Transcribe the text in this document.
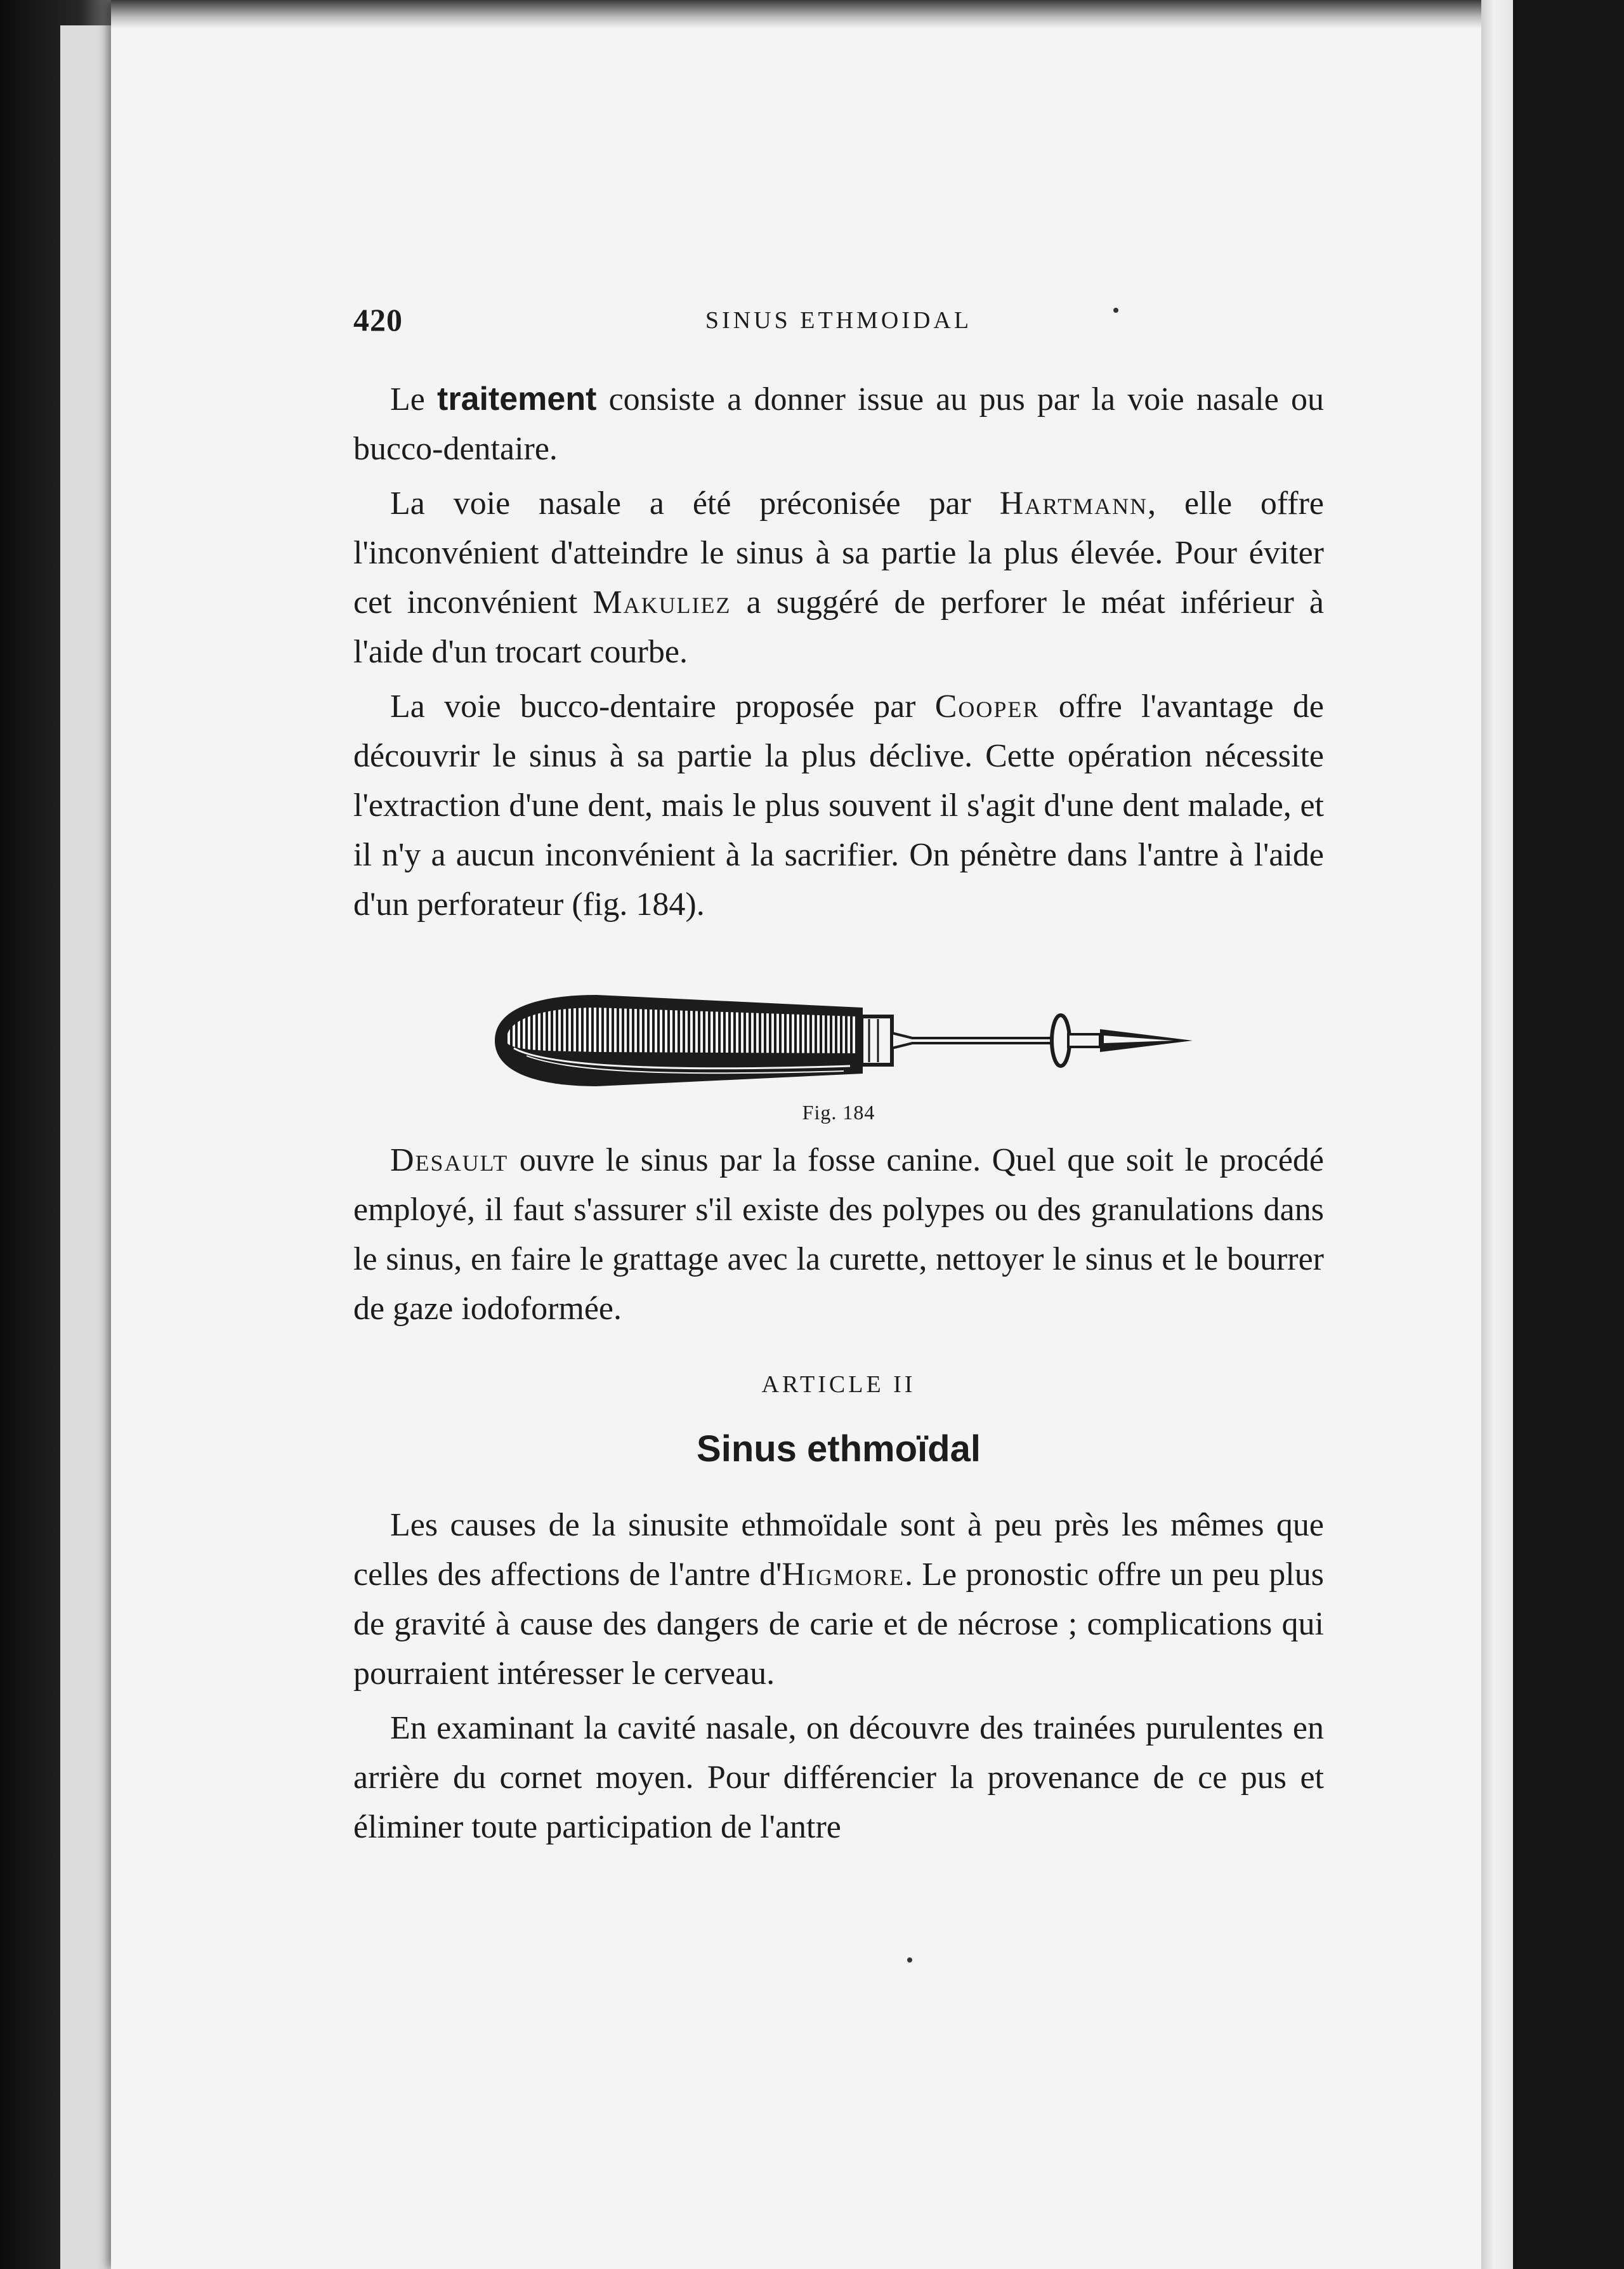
420	SINUS ETHMOIDAL

Le traitement consiste a donner issue au pus par la voie nasale ou bucco-dentaire.

La voie nasale a été préconisée par Hartmann, elle offre l'inconvénient d'atteindre le sinus à sa partie la plus élevée. Pour éviter cet inconvénient Makuliez a suggéré de perforer le méat inférieur à l'aide d'un trocart courbe.

La voie bucco-dentaire proposée par Cooper offre l'avantage de découvrir le sinus à sa partie la plus déclive. Cette opération nécessite l'extraction d'une dent, mais le plus souvent il s'agit d'une dent malade, et il n'y a aucun inconvénient à la sacrifier. On pénètre dans l'antre à l'aide d'un perforateur (fig. 184).

Fig. 184

Desault ouvre le sinus par la fosse canine. Quel que soit le procédé employé, il faut s'assurer s'il existe des polypes ou des granulations dans le sinus, en faire le grattage avec la curette, nettoyer le sinus et le bourrer de gaze iodoformée.

ARTICLE II
Sinus ethmoïdal

Les causes de la sinusite ethmoïdale sont à peu près les mêmes que celles des affections de l'antre d'Higmore. Le pronostic offre un peu plus de gravité à cause des dangers de carie et de nécrose ; complications qui pourraient intéresser le cerveau.

En examinant la cavité nasale, on découvre des trainées purulentes en arrière du cornet moyen. Pour différencier la provenance de ce pus et éliminer toute participation de l'antre
